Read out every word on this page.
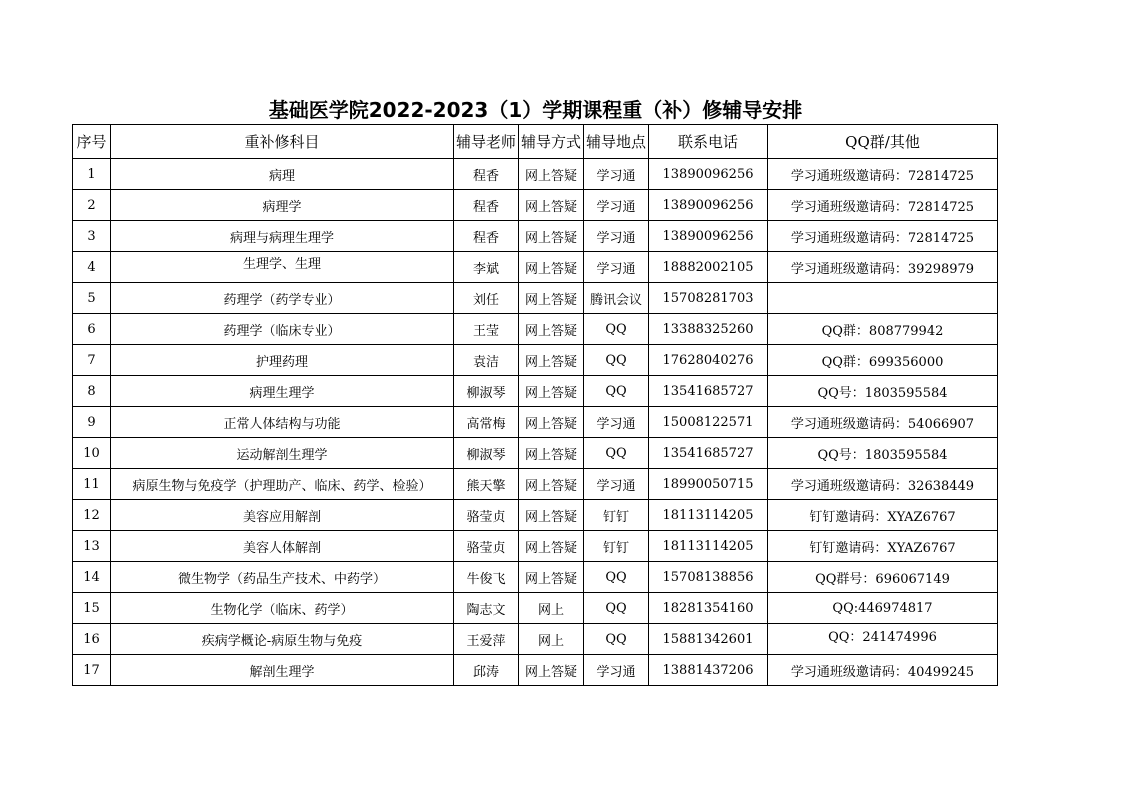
基础医学院2022-2023（1）学期课程重（补）修辅导安排
序号	重补修科目	辅导老师	辅导方式	辅导地点	联系电话	QQ群/其他
1	病理	程香	网上答疑	学习通	13890096256	学习通班级邀请码：72814725
2	病理学	程香	网上答疑	学习通	13890096256	学习通班级邀请码：72814725
3	病理与病理生理学	程香	网上答疑	学习通	13890096256	学习通班级邀请码：72814725
4	生理学、生理	李斌	网上答疑	学习通	18882002105	学习通班级邀请码：39298979
5	药理学（药学专业）	刘任	网上答疑	腾讯会议	15708281703	
6	药理学（临床专业）	王莹	网上答疑	QQ	13388325260	QQ群：808779942
7	护理药理	袁洁	网上答疑	QQ	17628040276	QQ群：699356000
8	病理生理学	柳淑琴	网上答疑	QQ	13541685727	QQ号：1803595584
9	正常人体结构与功能	高常梅	网上答疑	学习通	15008122571	学习通班级邀请码：54066907
10	运动解剖生理学	柳淑琴	网上答疑	QQ	13541685727	QQ号：1803595584
11	病原生物与免疫学（护理助产、临床、药学、检验）	熊天擎	网上答疑	学习通	18990050715	学习通班级邀请码：32638449
12	美容应用解剖	骆莹贞	网上答疑	钉钉	18113114205	钉钉邀请码：XYAZ6767
13	美容人体解剖	骆莹贞	网上答疑	钉钉	18113114205	钉钉邀请码：XYAZ6767
14	微生物学（药品生产技术、中药学）	牛俊飞	网上答疑	QQ	15708138856	QQ群号：696067149
15	生物化学（临床、药学）	陶志文	网上	QQ	18281354160	QQ:446974817
16	疾病学概论-病原生物与免疫	王爱萍	网上	QQ	15881342601	QQ：241474996
17	解剖生理学	邱涛	网上答疑	学习通	13881437206	学习通班级邀请码：40499245
